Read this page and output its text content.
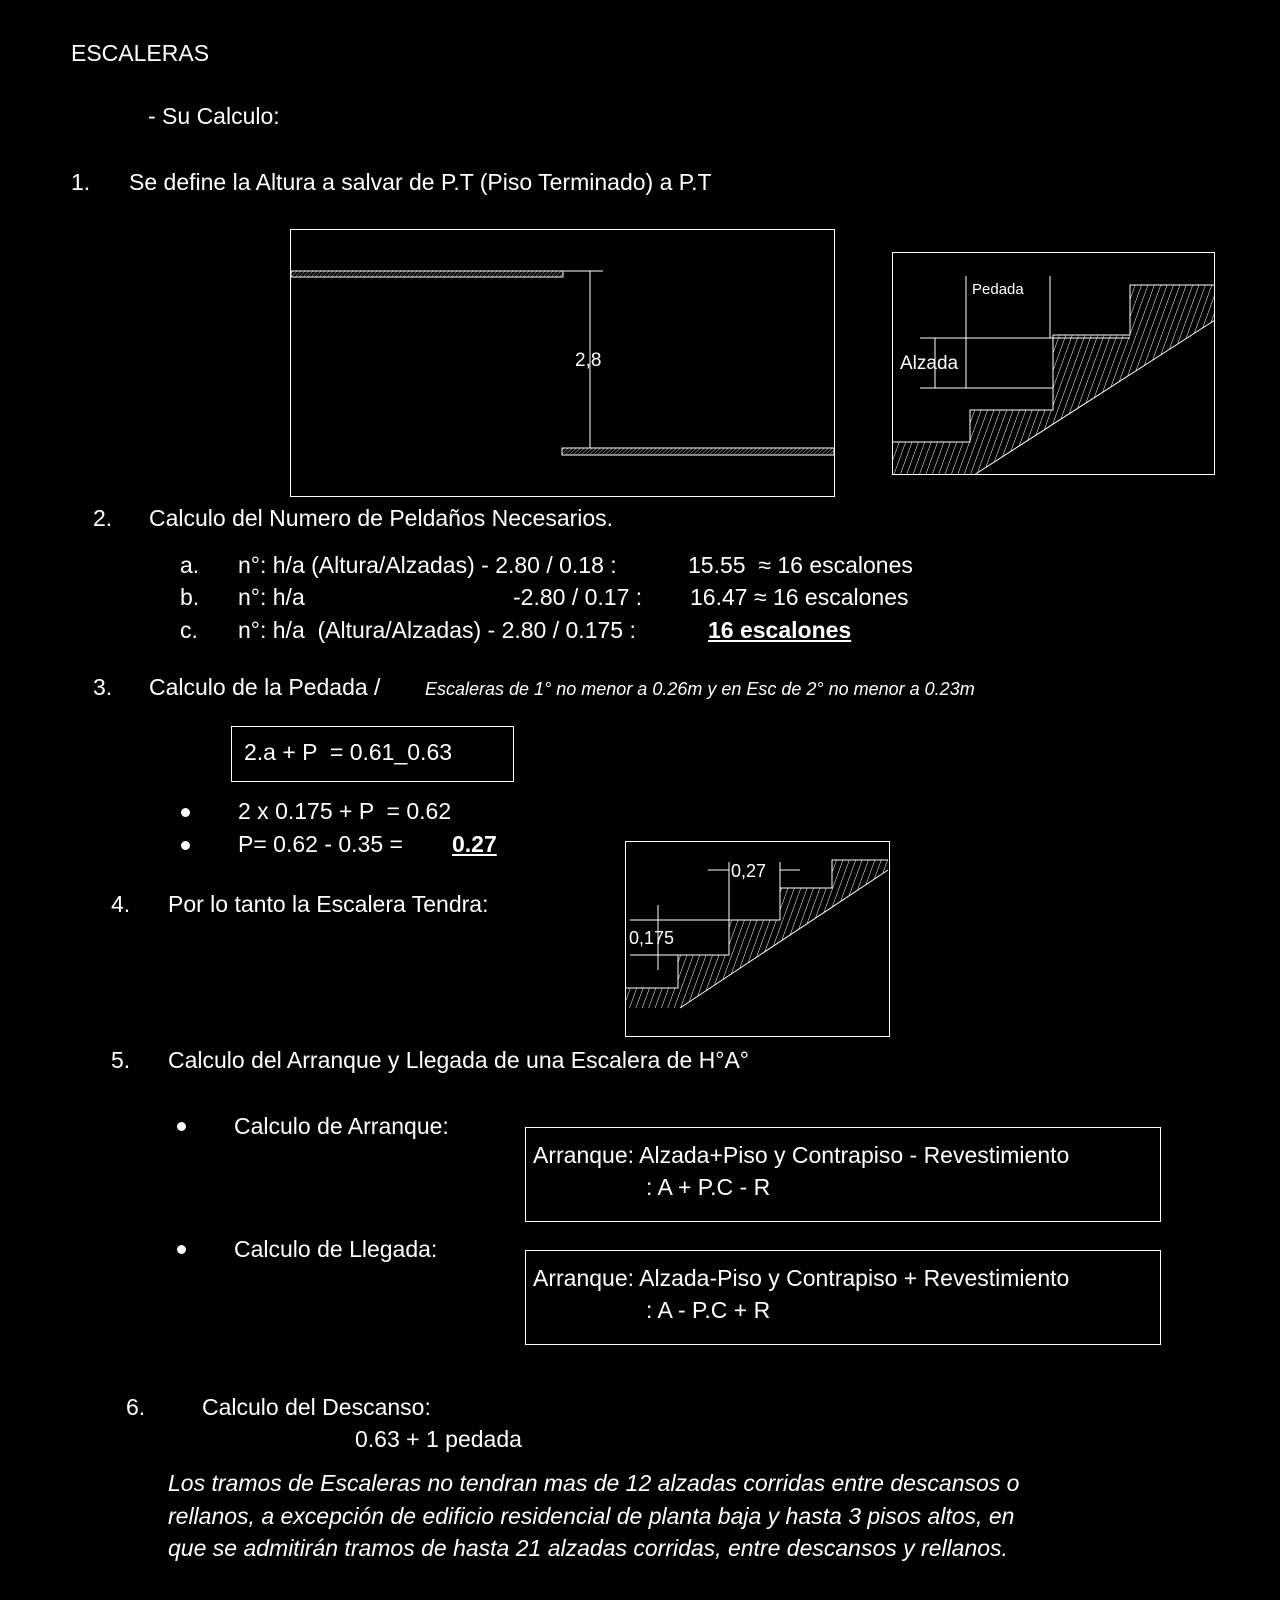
ESCALERAS
- Su Calculo:
1. Se define la Altura a salvar de P.T (Piso Terminado) a P.T
2,8
Pedada
Alzada
0,27
0,175
2. Calculo del Numero de Peldaños Necesarios.
a. n°: h/a (Altura/Alzadas) - 2.80 / 0.18 :	15.55  ≈ 16 escalones
b. n°: h/a	-2.80 / 0.17 : 16.47 ≈ 16 escalones
c. n°: h/a  (Altura/Alzadas) - 2.80 / 0.175 :	16 escalones
3. Calculo de la Pedada / Escaleras de 1° no menor a 0.26m y en Esc de 2° no menor a 0.23m
2.a + P  = 0.61_0.63
2 x 0.175 + P  = 0.62
P= 0.62 - 0.35 = 0.27
4. Por lo tanto la Escalera Tendra:
5. Calculo del Arranque y Llegada de una Escalera de H°A°
Calculo de Arranque:
Arranque: Alzada+Piso y Contrapiso - Revestimiento
: A + P.C - R
Calculo de Llegada:
Arranque: Alzada-Piso y Contrapiso + Revestimiento
: A - P.C + R
6. Calculo del Descanso:
0.63 + 1 pedada
Los tramos de Escaleras no tendran mas de 12 alzadas corridas entre descansos o
rellanos, a excepción de edificio residencial de planta baja y hasta 3 pisos altos, en
que se admitirán tramos de hasta 21 alzadas corridas, entre descansos y rellanos.
